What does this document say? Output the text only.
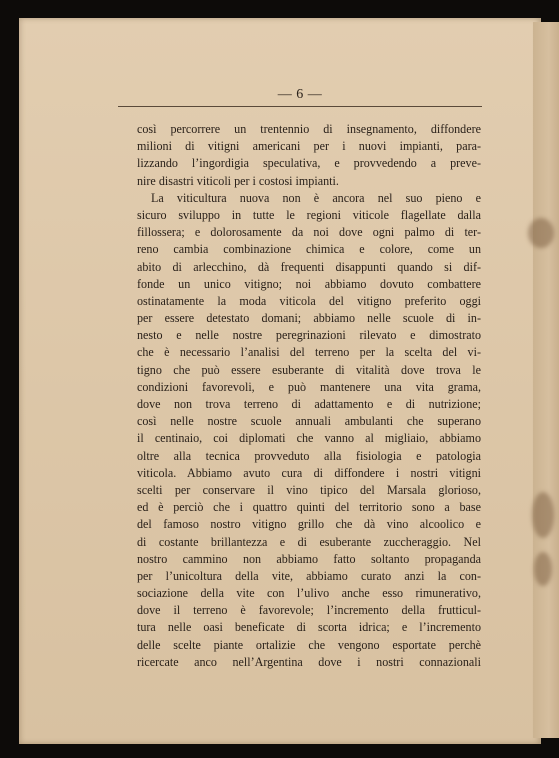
— 6 —
così percorrere un trentennio di insegnamento, diffondere
milioni di vitigni americani per i nuovi impianti, para-
lizzando l’ingordigia speculativa, e provvedendo a preve-
nire disastri viticoli per i costosi impianti.
La viticultura nuova non è ancora nel suo pieno e
sicuro sviluppo in tutte le regioni viticole flagellate dalla
fillossera; e dolorosamente da noi dove ogni palmo di ter-
reno cambia combinazione chimica e colore, come un
abito di arlecchino, dà frequenti disappunti quando si dif-
fonde un unico vitigno; noi abbiamo dovuto combattere
ostinatamente la moda viticola del vitigno preferito oggi
per essere detestato domani; abbiamo nelle scuole di in-
nesto e nelle nostre peregrinazioni rilevato e dimostrato
che è necessario l’analisi del terreno per la scelta del vi-
tigno che può essere esuberante di vitalità dove trova le
condizioni favorevoli, e può mantenere una vita grama,
dove non trova terreno di adattamento e di nutrizione;
così nelle nostre scuole annuali ambulanti che superano
il centinaio, coi diplomati che vanno al migliaio, abbiamo
oltre alla tecnica provveduto alla fisiologia e patologia
viticola. Abbiamo avuto cura di diffondere i nostri vitigni
scelti per conservare il vino tipico del Marsala glorioso,
ed è perciò che i quattro quinti del territorio sono a base
del famoso nostro vitigno grillo che dà vino alcoolico e
di costante brillantezza e di esuberante zuccheraggio. Nel
nostro cammino non abbiamo fatto soltanto propaganda
per l’unicoltura della vite, abbiamo curato anzi la con-
sociazione della vite con l’ulivo anche esso rimunerativo,
dove il terreno è favorevole; l’incremento della frutticul-
tura nelle oasi beneficate di scorta idrica; e l’incremento
delle scelte piante ortalizie che vengono esportate perchè
ricercate anco nell’Argentina dove i nostri connazionali
